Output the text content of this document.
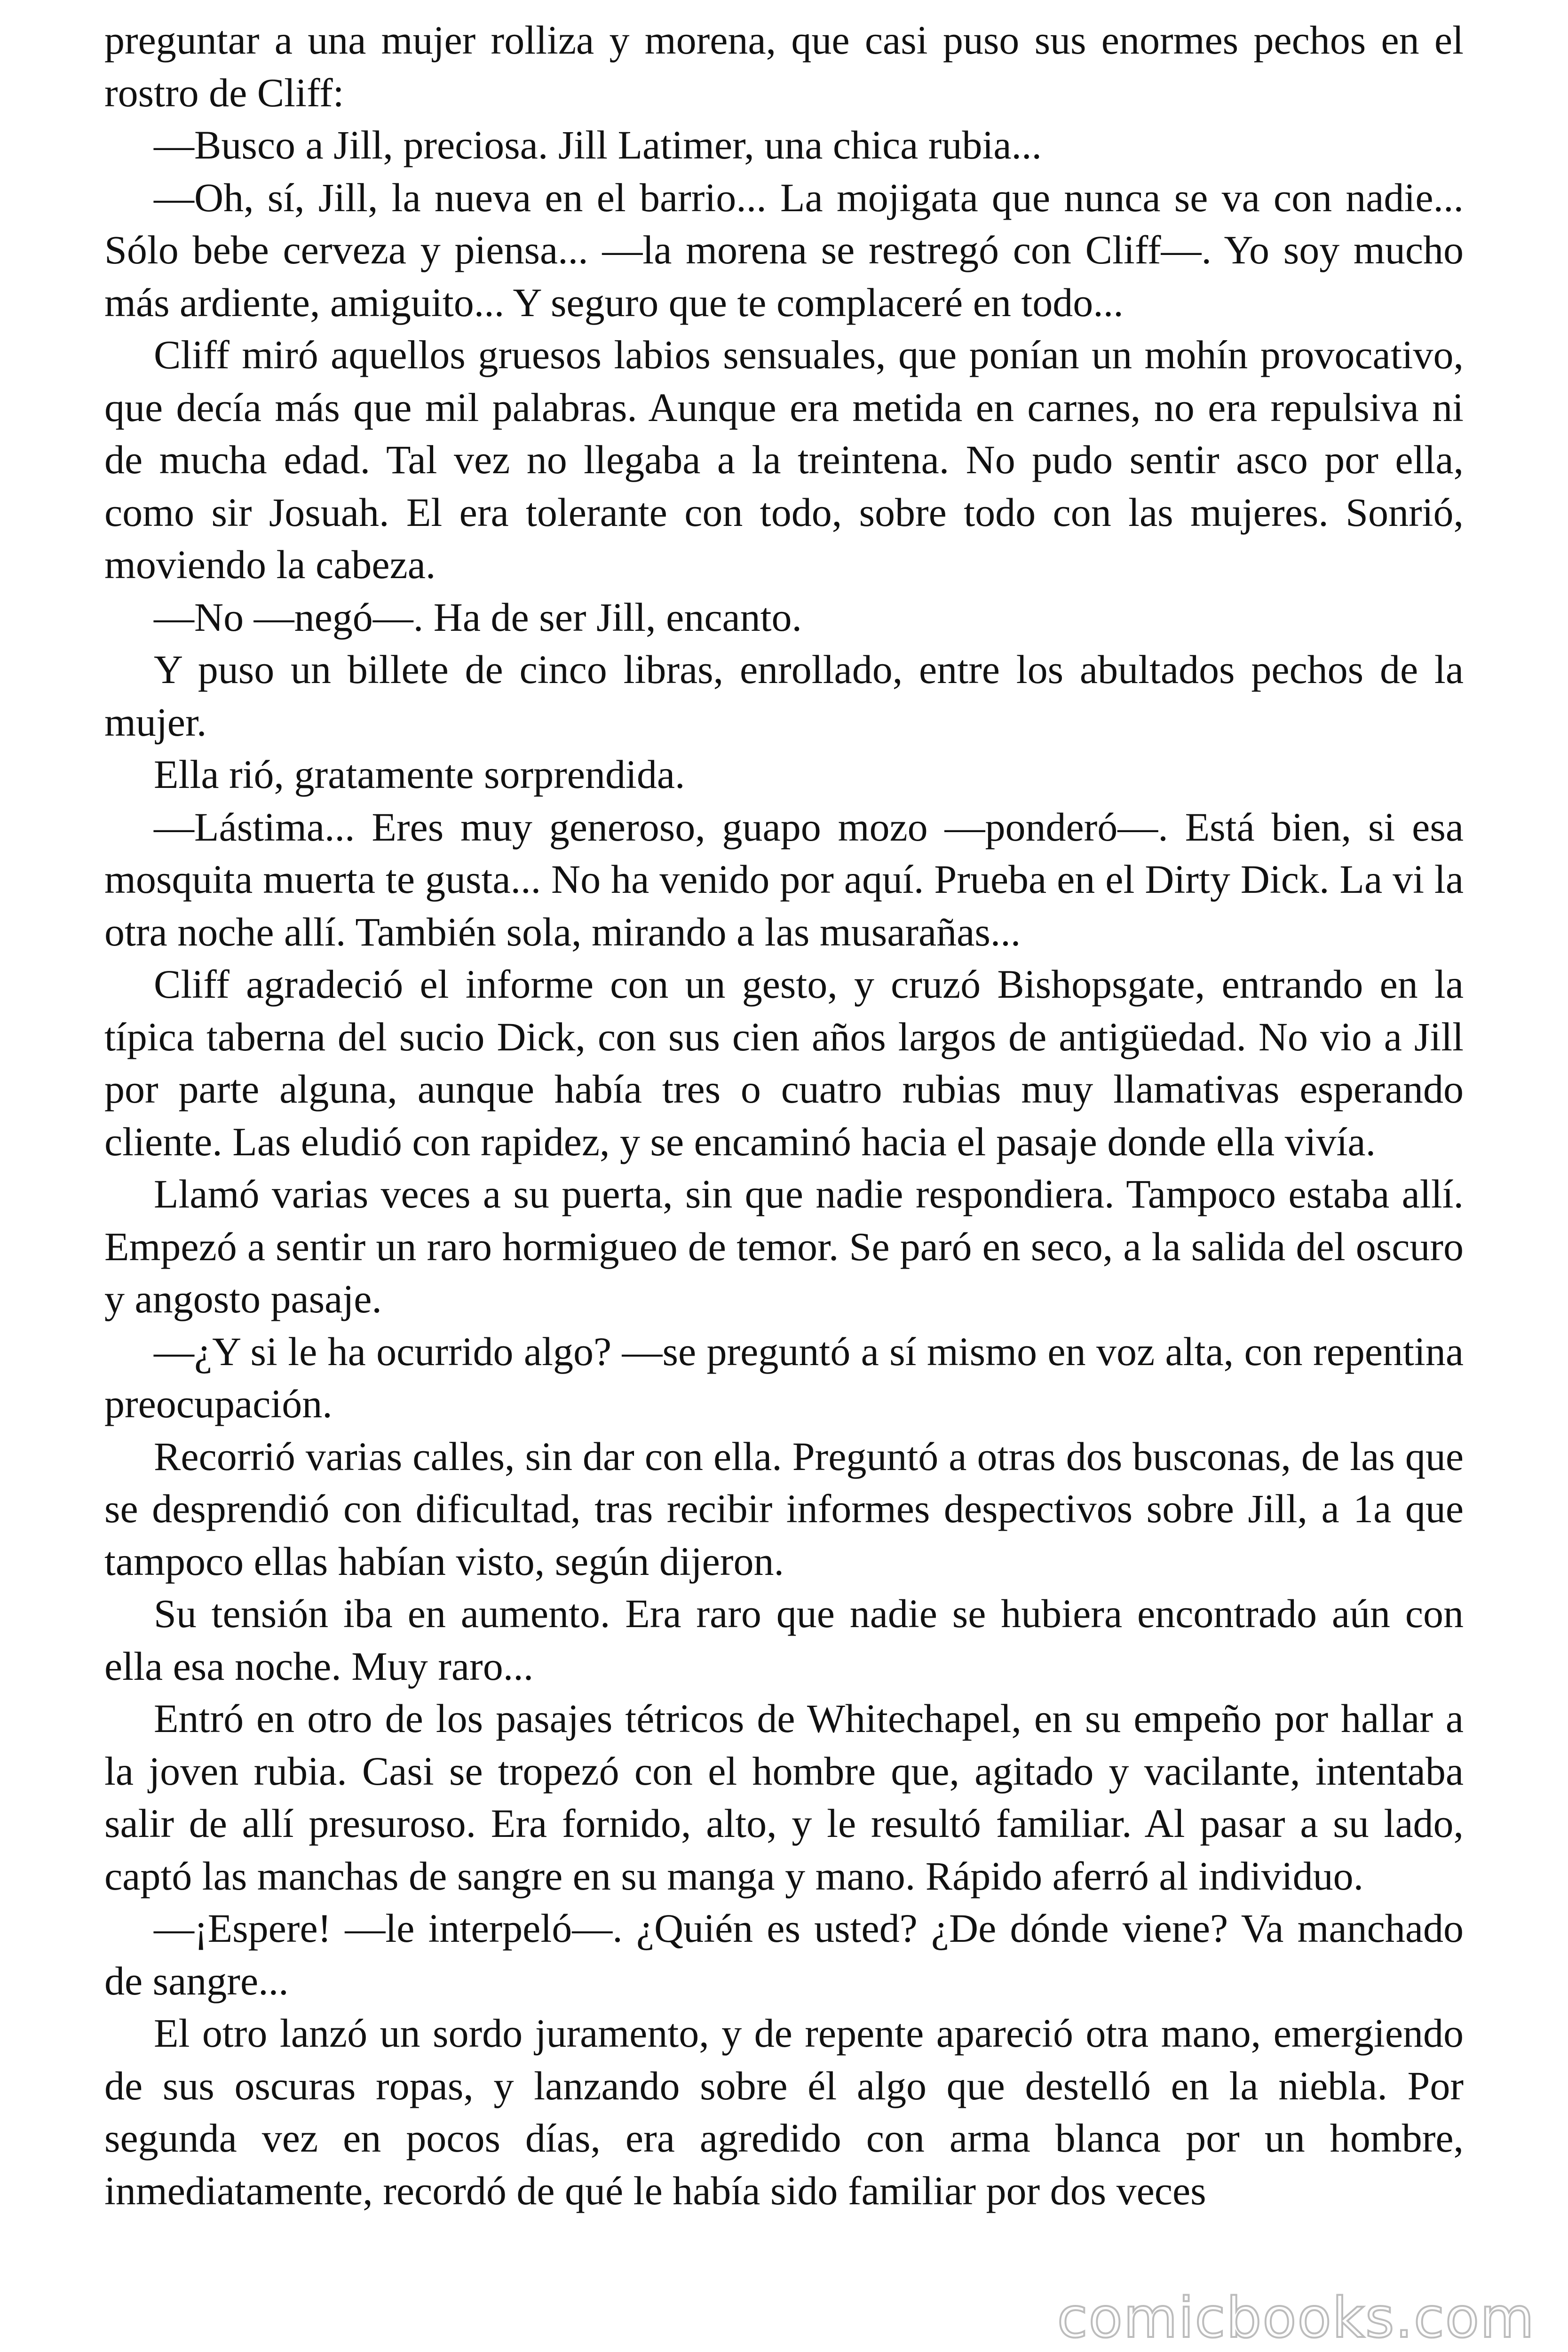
preguntar a una mujer rolliza y morena, que casi puso sus enormes pechos en el rostro de Cliff:

—Busco a Jill, preciosa. Jill Latimer, una chica rubia...

—Oh, sí, Jill, la nueva en el barrio... La mojigata que nunca se va con nadie... Sólo bebe cerveza y piensa... —la morena se restregó con Cliff—. Yo soy mucho más ardiente, amiguito... Y seguro que te complaceré en todo...

Cliff miró aquellos gruesos labios sensuales, que ponían un mohín provocativo, que decía más que mil palabras. Aunque era metida en carnes, no era repulsiva ni de mucha edad. Tal vez no llegaba a la treintena. No pudo sentir asco por ella, como sir Josuah. El era tolerante con todo, sobre todo con las mujeres. Sonrió, moviendo la cabeza.

—No —negó—. Ha de ser Jill, encanto.

Y puso un billete de cinco libras, enrollado, entre los abultados pechos de la mujer.

Ella rió, gratamente sorprendida.

—Lástima... Eres muy generoso, guapo mozo —ponderó—. Está bien, si esa mosquita muerta te gusta... No ha venido por aquí. Prueba en el Dirty Dick. La vi la otra noche allí. También sola, mirando a las musarañas...

Cliff agradeció el informe con un gesto, y cruzó Bishopsgate, entrando en la típica taberna del sucio Dick, con sus cien años largos de antigüedad. No vio a Jill por parte alguna, aunque había tres o cuatro rubias muy llamativas esperando cliente. Las eludió con rapidez, y se encaminó hacia el pasaje donde ella vivía.

Llamó varias veces a su puerta, sin que nadie respondiera. Tampoco estaba allí. Empezó a sentir un raro hormigueo de temor. Se paró en seco, a la salida del oscuro y angosto pasaje.

—¿Y si le ha ocurrido algo? —se preguntó a sí mismo en voz alta, con repentina preocupación.

Recorrió varias calles, sin dar con ella. Preguntó a otras dos busconas, de las que se desprendió con dificultad, tras recibir informes despectivos sobre Jill, a 1a que tampoco ellas habían visto, según dijeron.

Su tensión iba en aumento. Era raro que nadie se hubiera encontrado aún con ella esa noche. Muy raro...

Entró en otro de los pasajes tétricos de Whitechapel, en su empeño por hallar a la joven rubia. Casi se tropezó con el hombre que, agitado y vacilante, intentaba salir de allí presuroso. Era fornido, alto, y le resultó familiar. Al pasar a su lado, captó las manchas de sangre en su manga y mano. Rápido aferró al individuo.

—¡Espere! —le interpeló—. ¿Quién es usted? ¿De dónde viene? Va manchado de sangre...

El otro lanzó un sordo juramento, y de repente apareció otra mano, emergiendo de sus oscuras ropas, y lanzando sobre él algo que destelló en la niebla. Por segunda vez en pocos días, era agredido con arma blanca por un hombre, inmediatamente, recordó de qué le había sido familiar por dos veces

comicbooks.com
